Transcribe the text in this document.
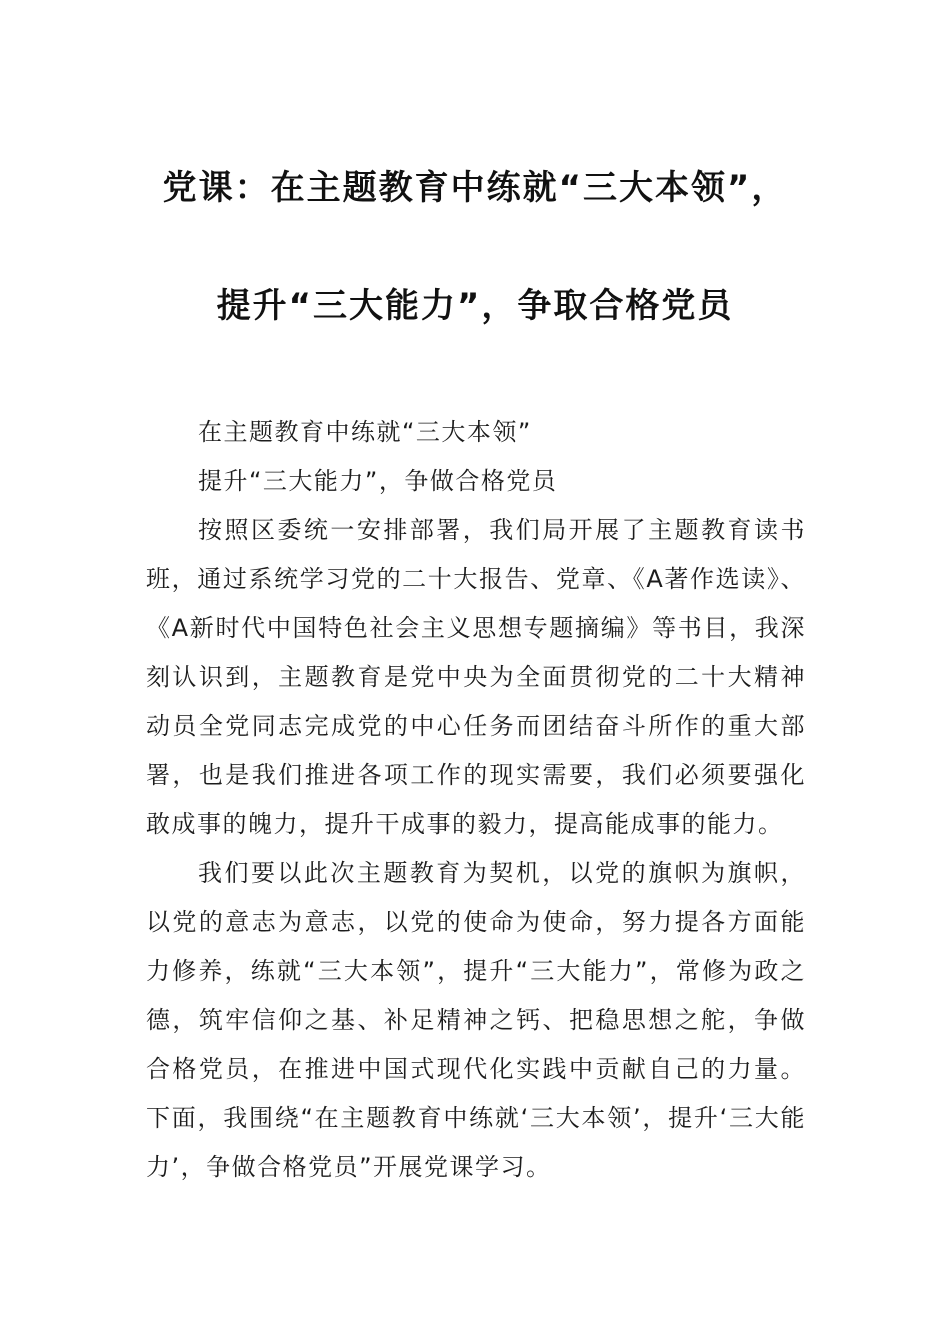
党课：在主题教育中练就“三大本领”，
提升“三大能力”，争取合格党员

在主题教育中练就“三大本领”

提升“三大能力”，争做合格党员

按照区委统一安排部署，我们局开展了主题教育读书班，通过系统学习党的二十大报告、党章、《A著作选读》、《A新时代中国特色社会主义思想专题摘编》等书目，我深刻认识到，主题教育是党中央为全面贯彻党的二十大精神动员全党同志完成党的中心任务而团结奋斗所作的重大部署，也是我们推进各项工作的现实需要，我们必须要强化敢成事的魄力，提升干成事的毅力，提高能成事的能力。

我们要以此次主题教育为契机，以党的旗帜为旗帜，以党的意志为意志，以党的使命为使命，努力提各方面能力修养，练就“三大本领”，提升“三大能力”，常修为政之德，筑牢信仰之基、补足精神之钙、把稳思想之舵，争做合格党员，在推进中国式现代化实践中贡献自己的力量。下面，我围绕“在主题教育中练就‘三大本领’，提升‘三大能力’，争做合格党员”开展党课学习。
